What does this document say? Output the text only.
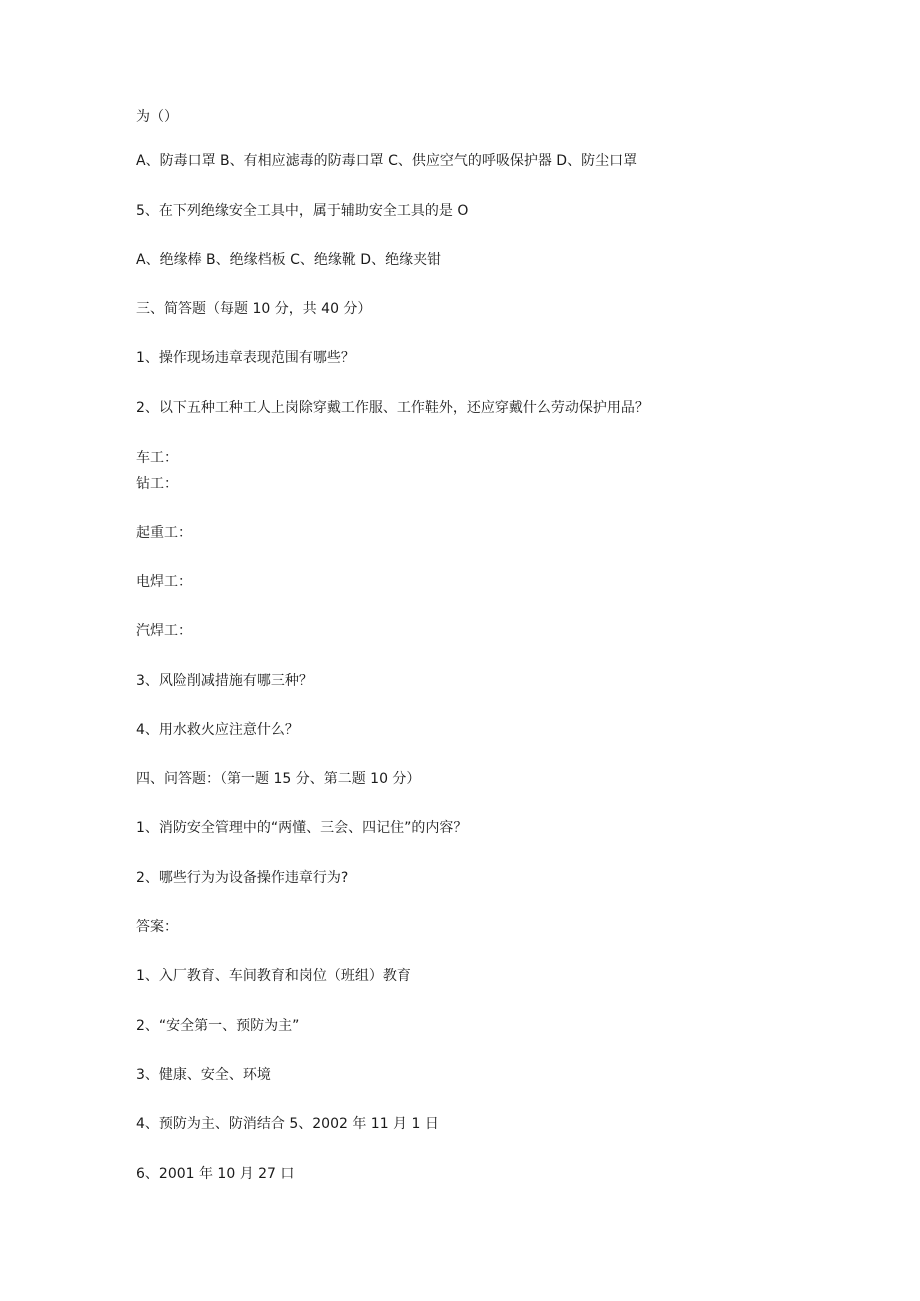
为（）
A、防毒口罩 B、有相应滤毒的防毒口罩 C、供应空气的呼吸保护器 D、防尘口罩
5、在下列绝缘安全工具中，属于辅助安全工具的是 O
A、绝缘棒 B、绝缘档板 C、绝缘靴 D、绝缘夹钳
三、简答题（每题 10 分，共 40 分）
1、操作现场违章表现范围有哪些？
2、以下五种工种工人上岗除穿戴工作服、工作鞋外，还应穿戴什么劳动保护用品？
车工：
钻工：
起重工：
电焊工：
汽焊工：
3、风险削减措施有哪三种？
4、用水救火应注意什么？
四、问答题：（第一题 15 分、第二题 10 分）
1、消防安全管理中的“两懂、三会、四记住”的内容？
2、哪些行为为设备操作违章行为?
答案：
1、入厂教育、车间教育和岗位（班组）教育
2、“安全第一、预防为主”
3、健康、安全、环境
4、预防为主、防消结合 5、2002 年 11 月 1 日
6、2001 年 10 月 27 口
